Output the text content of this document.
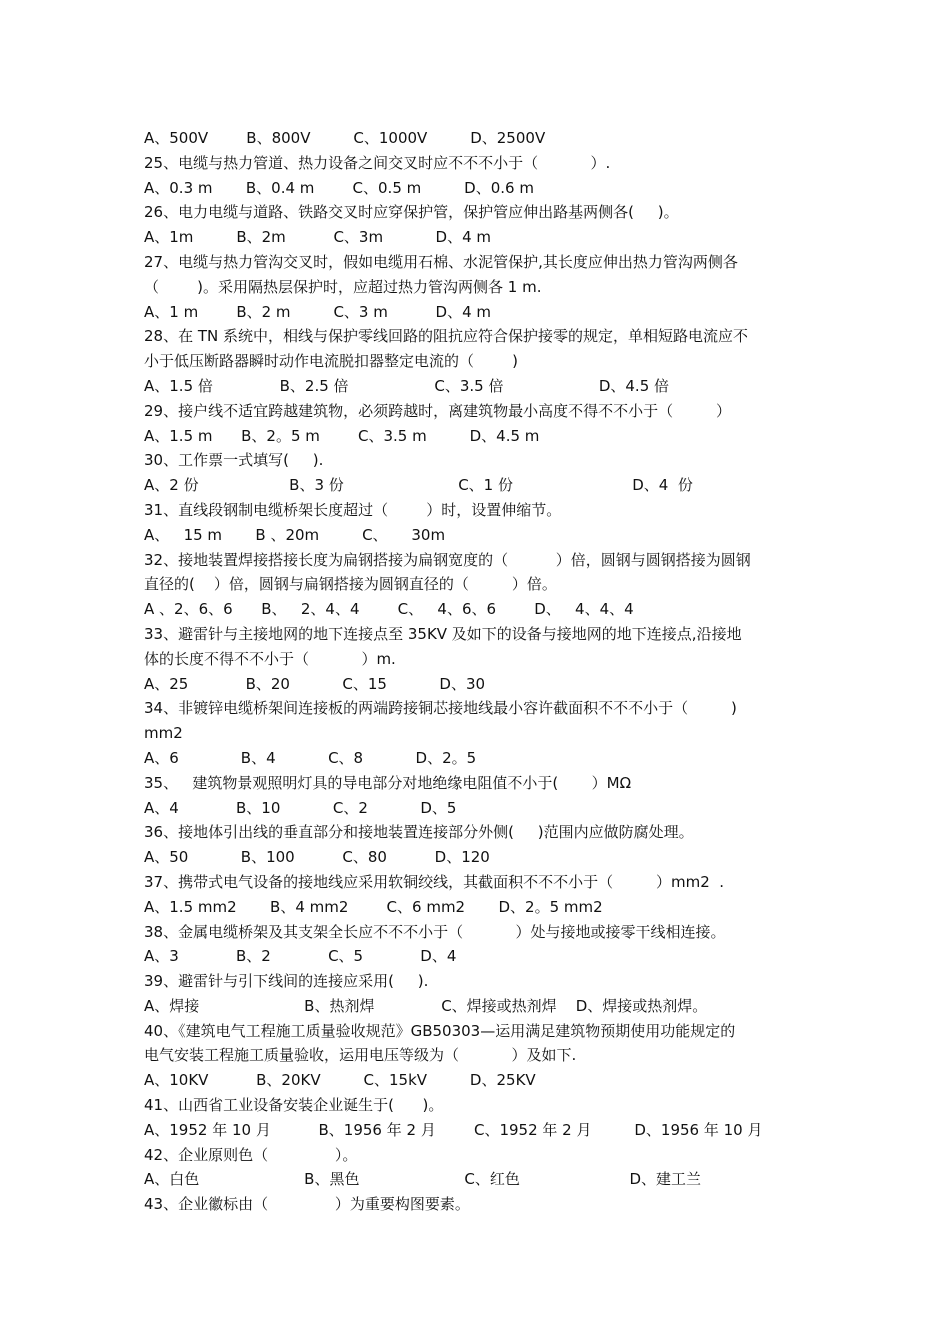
A、500V        B、800V         C、1000V         D、2500V
25、电缆与热力管道、热力设备之间交叉时应不不不小于（           ）.
A、0.3 m       B、0.4 m        C、0.5 m         D、0.6 m
26、电力电缆与道路、铁路交叉时应穿保护管，保护管应伸出路基两侧各(     )。
A、1m         B、2m          C、3m           D、4 m
27、电缆与热力管沟交叉时，假如电缆用石棉、水泥管保护,其长度应伸出热力管沟两侧各
（        )。采用隔热层保护时，应超过热力管沟两侧各 1 m.
A、1 m        B、2 m         C、3 m          D、4 m
28、在 TN 系统中，相线与保护零线回路的阻抗应符合保护接零的规定，单相短路电流应不
小于低压断路器瞬时动作电流脱扣器整定电流的（        )
A、1.5 倍              B、2.5 倍                  C、3.5 倍                    D、4.5 倍
29、接户线不适宜跨越建筑物，必须跨越时，离建筑物最小高度不得不不小于（         ）
A、1.5 m      B、2。5 m        C、3.5 m         D、4.5 m
30、工作票一式填写(     ).
A、2 份                   B、3 份                        C、1 份                         D、4  份
31、直线段钢制电缆桥架长度超过（        ）时，设置伸缩节。
A、   15 m       B 、20m         C、     30m
32、接地装置焊接搭接长度为扁钢搭接为扁钢宽度的（          ）倍，圆钢与圆钢搭接为圆钢
直径的(    ）倍，圆钢与扁钢搭接为圆钢直径的（         ）倍。
A 、2、6、6      B、   2、4、4        C、   4、6、6        D、   4、4、4
33、避雷针与主接地网的地下连接点至 35KV 及如下的设备与接地网的地下连接点,沿接地
体的长度不得不不小于（           ）m.
A、25            B、20           C、15           D、30
34、非镀锌电缆桥架间连接板的两端跨接铜芯接地线最小容许截面积不不不小于（         )
mm2
A、6             B、4           C、8           D、2。5
35、   建筑物景观照明灯具的导电部分对地绝缘电阻值不小于(       ）MΩ
A、4            B、10           C、2           D、5
36、接地体引出线的垂直部分和接地装置连接部分外侧(     )范围内应做防腐处理。
A、50           B、100          C、80          D、120
37、携带式电气设备的接地线应采用软铜绞线，其截面积不不不小于（         ）mm2  .
A、1.5 mm2       B、4 mm2        C、6 mm2       D、2。5 mm2
38、金属电缆桥架及其支架全长应不不不小于（           ）处与接地或接零干线相连接。
A、3            B、2            C、5            D、4
39、避雷针与引下线间的连接应采用(     ).
A、焊接                      B、热剂焊              C、焊接或热剂焊    D、焊接或热剂焊。
40、《建筑电气工程施工质量验收规范》GB50303—运用满足建筑物预期使用功能规定的
电气安装工程施工质量验收，运用电压等级为（           ）及如下.
A、10KV          B、20KV         C、15kV         D、25KV
41、山西省工业设备安装企业诞生于(      )。
A、1952 年 10 月          B、1956 年 2 月        C、1952 年 2 月         D、1956 年 10 月
42、企业原则色（              ）。
A、白色                      B、黑色                      C、红色                       D、建工兰
43、企业徽标由（              ）为重要构图要素。
